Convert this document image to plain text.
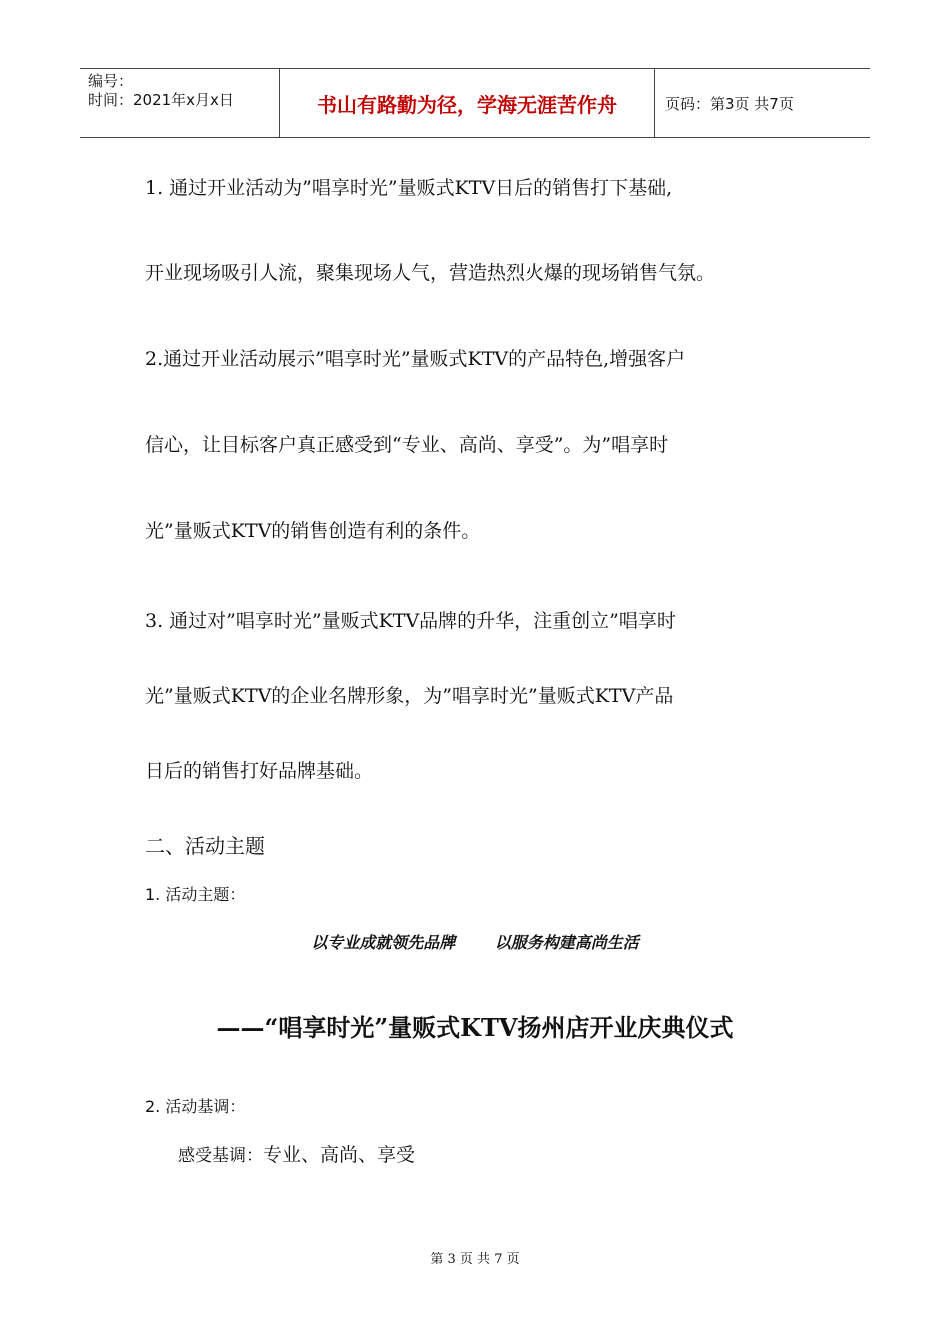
编号：
时间：2021年x月x日	书山有路勤为径，学海无涯苦作舟	页码：第3页 共7页
1. 通过开业活动为”唱享时光”量贩式KTV日后的销售打下基础,
开业现场吸引人流，聚集现场人气，营造热烈火爆的现场销售气氛。
2.通过开业活动展示”唱享时光”量贩式KTV的产品特色,增强客户
信心，让目标客户真正感受到“专业、高尚、享受”。为”唱享时
光”量贩式KTV的销售创造有利的条件。
3. 通过对”唱享时光”量贩式KTV品牌的升华，注重创立”唱享时
光”量贩式KTV的企业名牌形象，为”唱享时光”量贩式KTV产品
日后的销售打好品牌基础。
二、活动主题
1. 活动主题：
以专业成就领先品牌 以服务构建高尚生活
——“唱享时光”量贩式KTV扬州店开业庆典仪式
2. 活动基调：
感受基调：专业、高尚、享受
第 3 页 共 7 页
